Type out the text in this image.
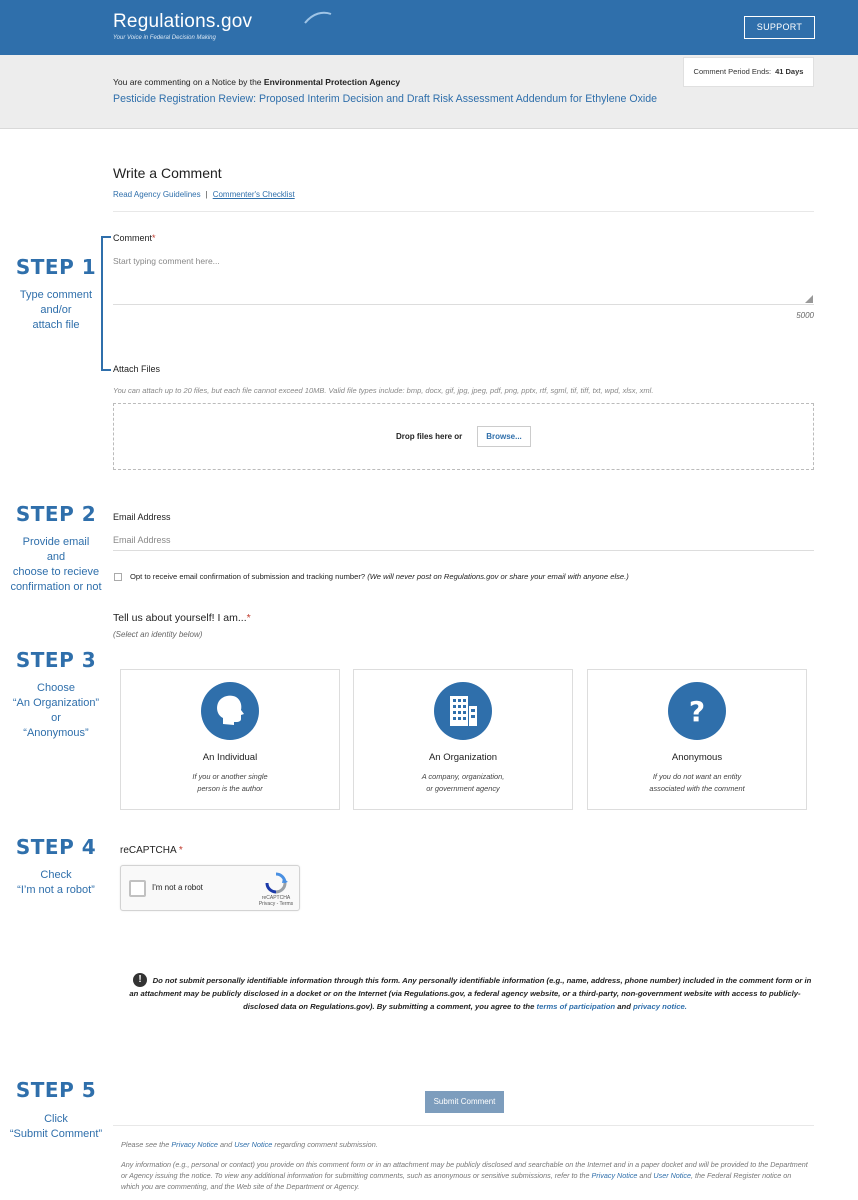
Regulations.gov
Your Voice in Federal Decision Making
SUPPORT
You are commenting on a Notice by the Environmental Protection Agency
Pesticide Registration Review: Proposed Interim Decision and Draft Risk Assessment Addendum for Ethylene Oxide
Comment Period Ends: 41 Days
Write a Comment
Read Agency Guidelines | Commenter's Checklist
STEP 1
Type comment
and/or
attach file
Comment*
Start typing comment here...
5000
Attach Files
You can attach up to 20 files, but each file cannot exceed 10MB. Valid file types include: bmp, docx, gif, jpg, jpeg, pdf, png, pptx, rtf, sgml, tif, tiff, txt, wpd, xlsx, xml.
Drop files here or	Browse...
STEP 2
Provide email
and
choose to recieve
confirmation or not
Email Address
Email Address
Opt to receive email confirmation of submission and tracking number? (We will never post on Regulations.gov or share your email with anyone else.)
Tell us about yourself! I am...*
(Select an identity below)
STEP 3
Choose
“An Organization”
or
“Anonymous”
An Individual
If you or another single
person is the author
An Organization
A company, organization,
or government agency
?
Anonymous
If you do not want an entity
associated with the comment
STEP 4
Check
“I’m not a robot”
reCAPTCHA *
I'm not a robot
reCAPTCHA
Privacy - Terms
Do not submit personally identifiable information through this form. Any personally identifiable information (e.g., name, address, phone number) included in the comment form or in an attachment may be publicly disclosed in a docket or on the Internet (via Regulations.gov, a federal agency website, or a third-party, non-government website with access to publicly-disclosed data on Regulations.gov). By submitting a comment, you agree to the terms of participation and privacy notice.
!
STEP 5
Click
“Submit Comment”
Submit Comment
Please see the Privacy Notice and User Notice regarding comment submission.
Any information (e.g., personal or contact) you provide on this comment form or in an attachment may be publicly disclosed and searchable on the Internet and in a paper docket and will be provided to the Department or Agency issuing the notice. To view any additional information for submitting comments, such as anonymous or sensitive submissions, refer to the Privacy Notice and User Notice, the Federal Register notice on which you are commenting, and the Web site of the Department or Agency.
